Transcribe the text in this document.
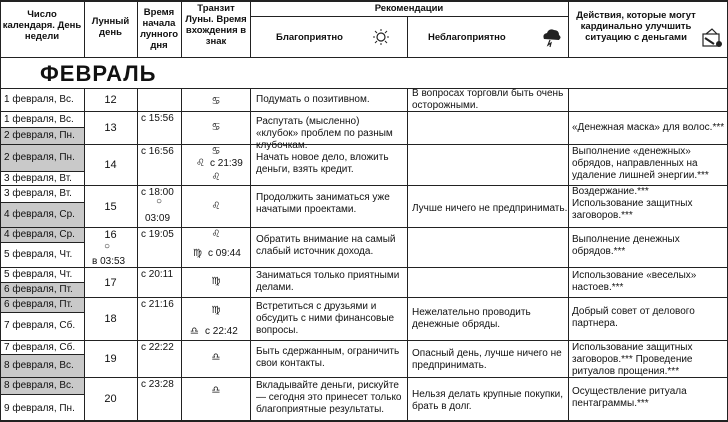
Число календаря. День недели
Лунный день
Время начала лунного дня
Транзит Луны. Время вхождения в знак
Рекомендации
Благоприятно	Неблагоприятно
Действия, которые могут кардинально улучшить ситуацию с деньгами
ФЕВРАЛЬ
1 февраля, Вс.
1 февраля, Вс.
2 февраля, Пн.
2 февраля, Пн.
3 февраля, Вт.
3 февраля, Вт.
4 февраля, Ср.
4 февраля, Ср.
5 февраля, Чт.
5 февраля, Чт.
6 февраля, Пт.
6 февраля, Пт.
7 февраля, Сб.
7 февраля, Сб.
8 февраля, Вс.
8 февраля, Вс.
9 февраля, Пн.
12
13
14
15
16
17
18
19
20
с 15:56
с 16:56
с 18:00
○
03:09
с 19:05
○
в 03:53
с 20:11
с 21:16
с 22:22
с 23:28
♋
♋
♋
♌ с 21:39
♌
♌
♌
♍ с 09:44
♍
♍
♎ с 22:42
♎
♎
Подумать о позитивном.
Распутать (мысленно) «клубок» проблем по разным клубочкам.
Начать новое дело, вложить деньги, взять кредит.
Продолжить заниматься уже начатыми проектами.
Обратить внимание на самый слабый источник дохода.
Заниматься только приятными делами.
Встретиться с друзьями и обсудить с ними финансовые вопросы.
Быть сдержанным, ограничить свои контакты.
Вкладывайте деньги, рискуйте — сегодня это принесет только благоприятные результаты.
В вопросах торговли быть очень осторожными.
Лучше ничего не предпринимать.
Нежелательно проводить денежные обряды.
Опасный день, лучше ничего не предпринимать.
Нельзя делать крупные покупки, брать в долг.
«Денежная маска» для волос.***
Выполнение «денежных» обрядов, направленных на удаление лишней энергии.***
Воздержание.*** Использование защитных заговоров.***
Выполнение денежных обрядов.***
Использование «веселых» настоев.***
Добрый совет от делового партнера.
Использование защитных заговоров.*** Проведение ритуалов прощения.***
Осуществление ритуала пентаграммы.***
